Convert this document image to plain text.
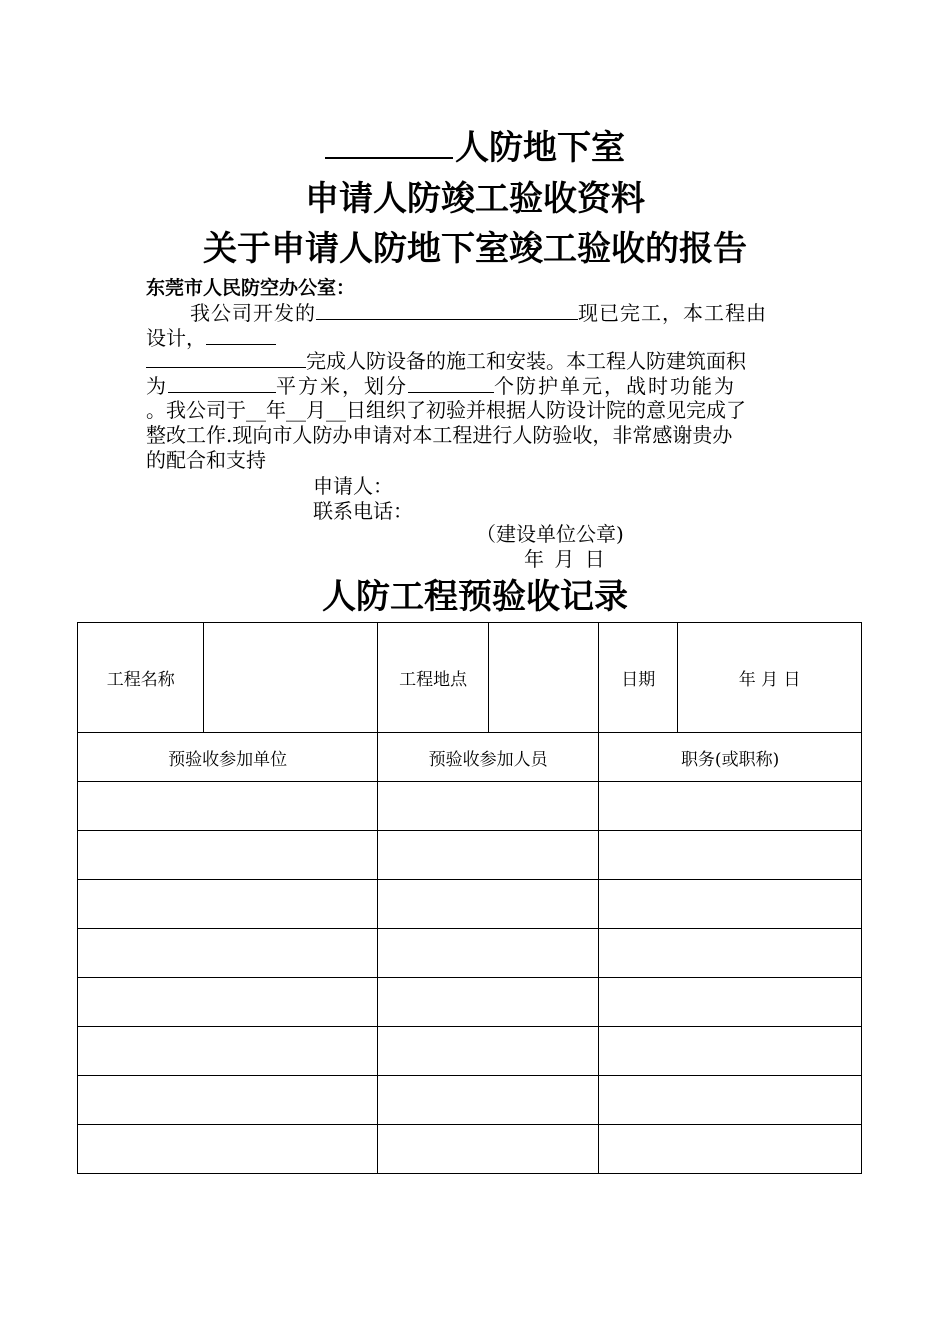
人防地下室
申请人防竣工验收资料
关于申请人防地下室竣工验收的报告
东莞市人民防空办公室：
我公司开发的	现已完工，本工程由
设计，
完成人防设备的施工和安装。本工程人防建筑面积
为	平方米，划分	个防护单元，战时功能为
。我公司于__年__月__日组织了初验并根据人防设计院的意见完成了
整改工作.现向市人防办申请对本工程进行人防验收，非常感谢贵办
的配合和支持
申请人：
联系电话：
（建设单位公章)
年 月 日
人防工程预验收记录
工程名称		工程地点		日期	年 月 日
预验收参加单位		预验收参加人员		职务(或职称)	
